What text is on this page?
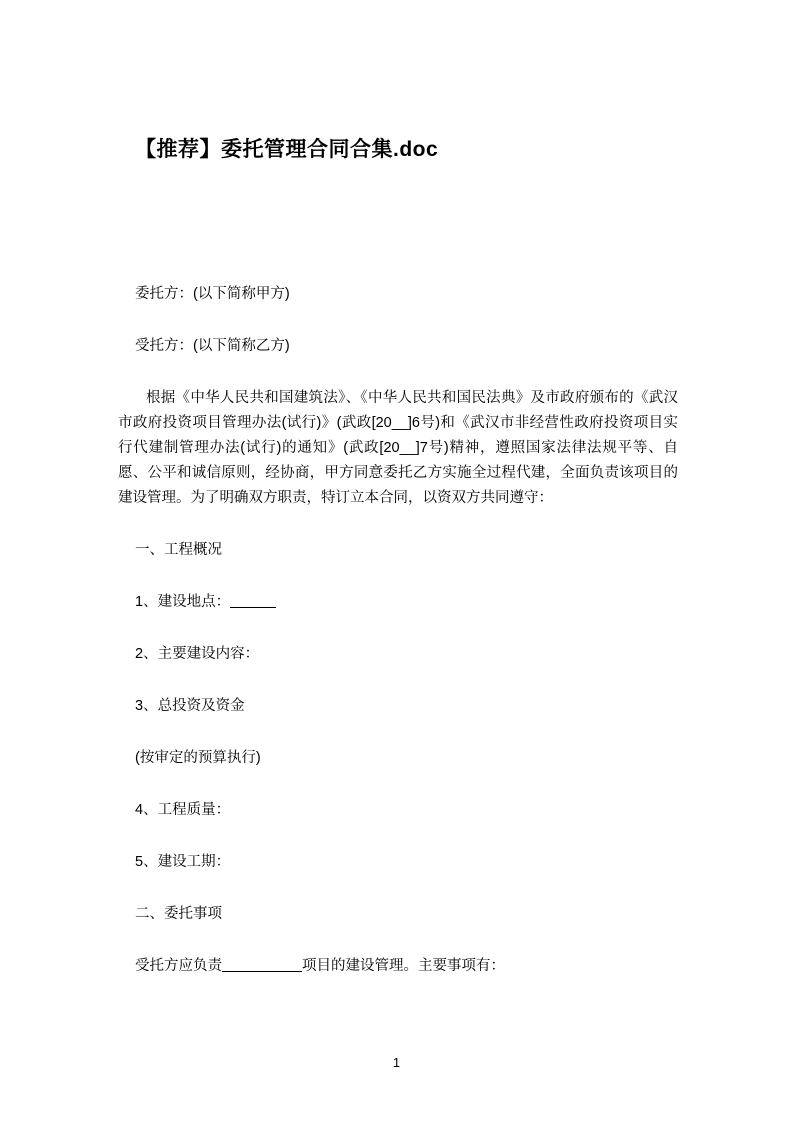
【推荐】委托管理合同合集.doc

委托方：(以下简称甲方)

受托方：(以下简称乙方)

根据《中华人民共和国建筑法》、《中华人民共和国民法典》及市政府颁布的《武汉市政府投资项目管理办法(试行)》(武政[20__]6号)和《武汉市非经营性政府投资项目实行代建制管理办法(试行)的通知》(武政[20__]7号)精神，遵照国家法律法规平等、自愿、公平和诚信原则，经协商，甲方同意委托乙方实施全过程代建，全面负责该项目的建设管理。为了明确双方职责，特订立本合同，以资双方共同遵守：

一、工程概况

1、建设地点：

2、主要建设内容：

3、总投资及资金

(按审定的预算执行)

4、工程质量：

5、建设工期：

二、委托事项

受托方应负责	项目的建设管理。主要事项有：

1
